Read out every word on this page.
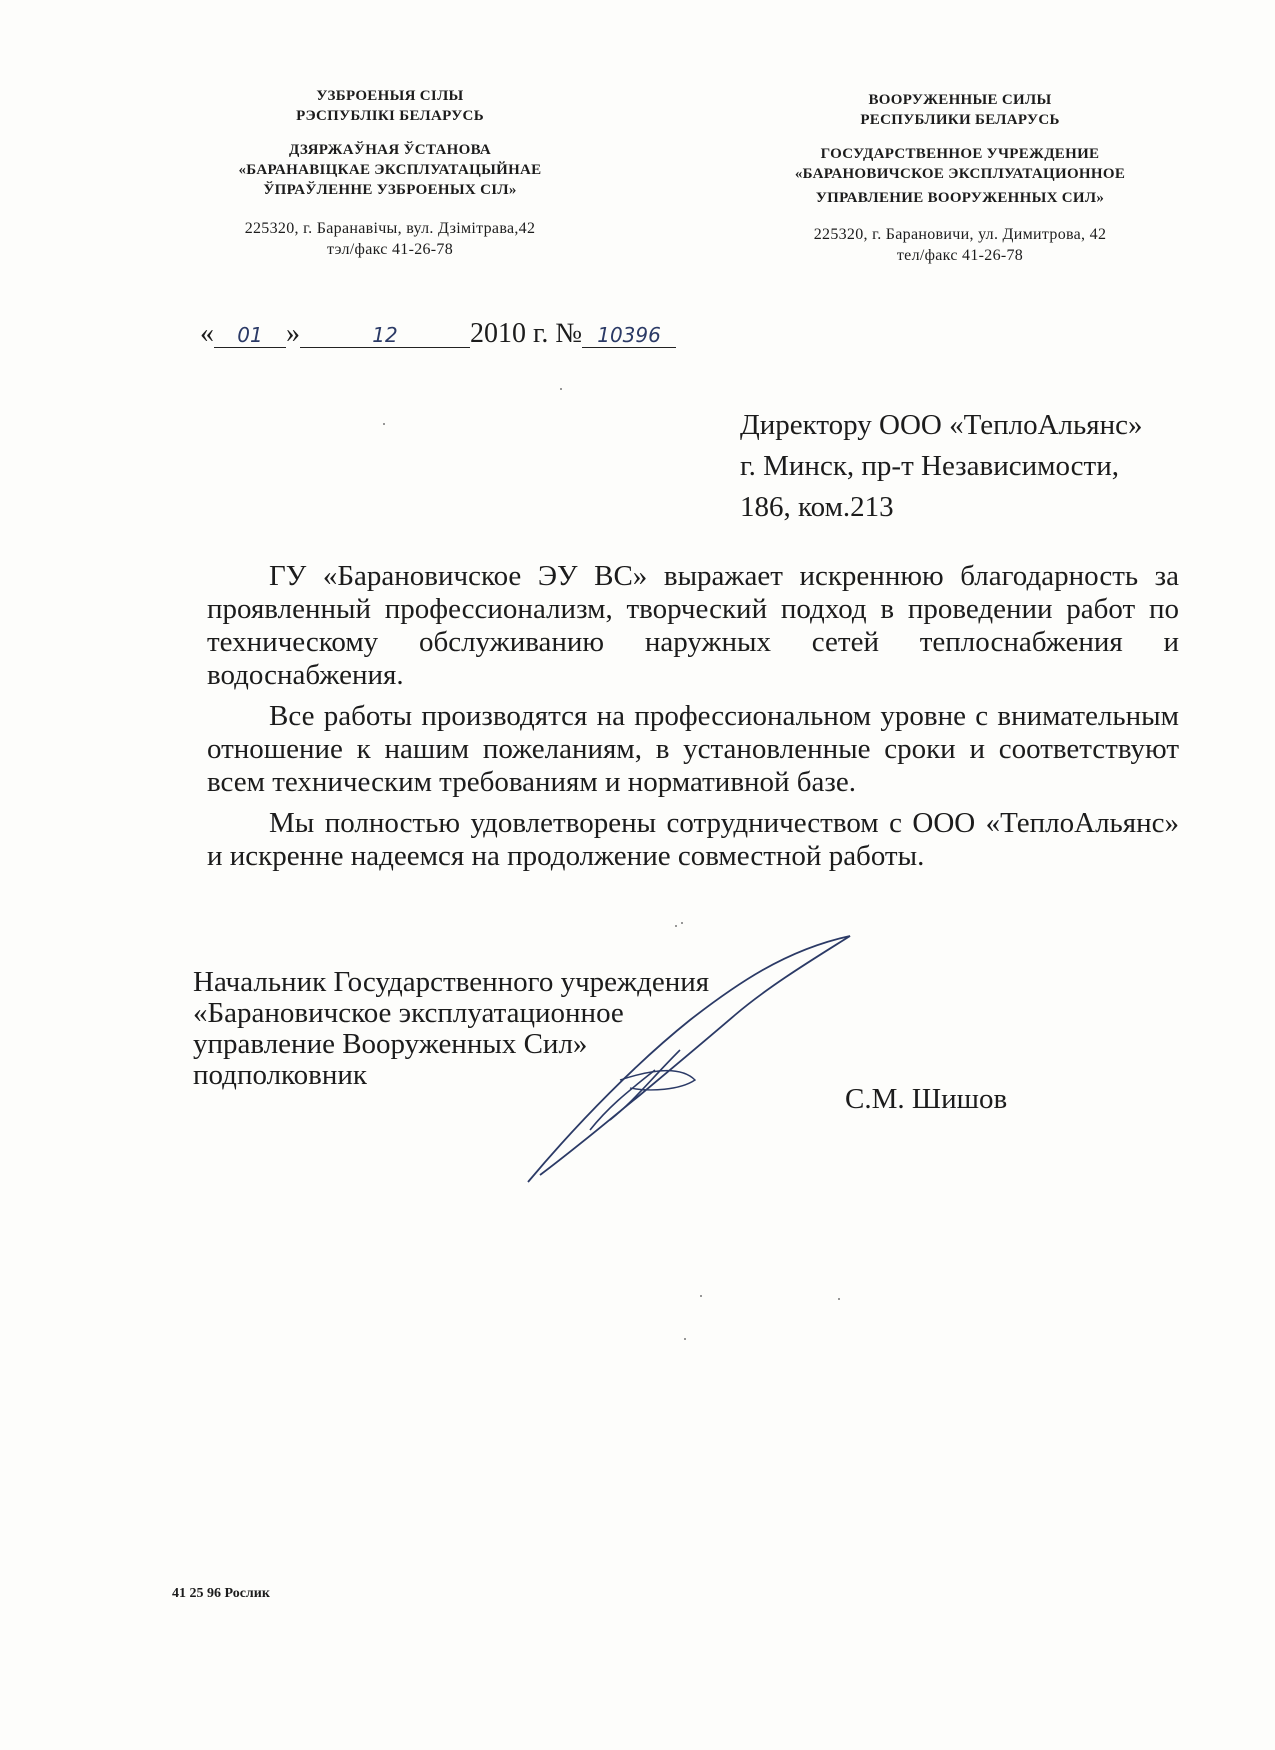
УЗБРОЕНЫЯ СІЛЫ
РЭСПУБЛІКІ БЕЛАРУСЬ
ДЗЯРЖАЎНАЯ ЎСТАНОВА
«БАРАНАВІЦКАЕ ЭКСПЛУАТАЦЫЙНАЕ
ЎПРАЎЛЕННЕ УЗБРОЕНЫХ СІЛ»
225320, г. Баранавічы, вул. Дзімітрава,42
тэл/факс 41-26-78
ВООРУЖЕННЫЕ СИЛЫ
РЕСПУБЛИКИ БЕЛАРУСЬ
ГОСУДАРСТВЕННОЕ УЧРЕЖДЕНИЕ
«БАРАНОВИЧСКОЕ ЭКСПЛУАТАЦИОННОЕ
УПРАВЛЕНИЕ ВООРУЖЕННЫХ СИЛ»
225320, г. Барановичи, ул. Димитрова, 42
тел/факс 41-26-78
« 01 »	12	2010 г. № 10396
Директору ООО «ТеплоАльянс»
г. Минск, пр-т Независимости,
186, ком.213

ГУ «Барановичское ЭУ ВС» выражает искреннюю благодарность за проявленный профессионализм, творческий подход в проведении работ по техническому обслуживанию наружных сетей теплоснабжения и водоснабжения.

Все работы производятся на профессиональном уровне с внимательным отношение к нашим пожеланиям, в установленные сроки и соответствуют всем техническим требованиям и нормативной базе.

Мы полностью удовлетворены сотрудничеством с ООО «ТеплоАльянс» и искренне надеемся на продолжение совместной работы.

Начальник Государственного учреждения
«Барановичское эксплуатационное
управление Вооруженных Сил»
подполковник
С.М. Шишов
41 25 96 Рослик
